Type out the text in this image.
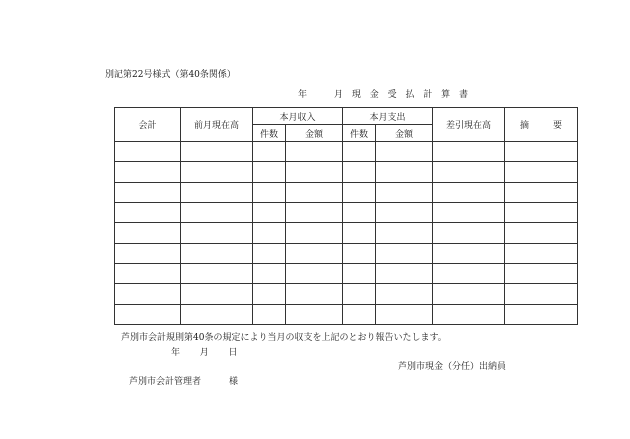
別記第22号様式（第40条関係）
年　　月 現 金 受 払 計 算 書
会計	前月現在高	本月収入		本月支出		差引現在高	摘 要
		件数	金額	件数	金額		

芦別市会計規則第40条の規定により当月の収支を上記のとおり報告いたします。
年 月 日
芦別市現金（分任）出納員
芦別市会計管理者	様
